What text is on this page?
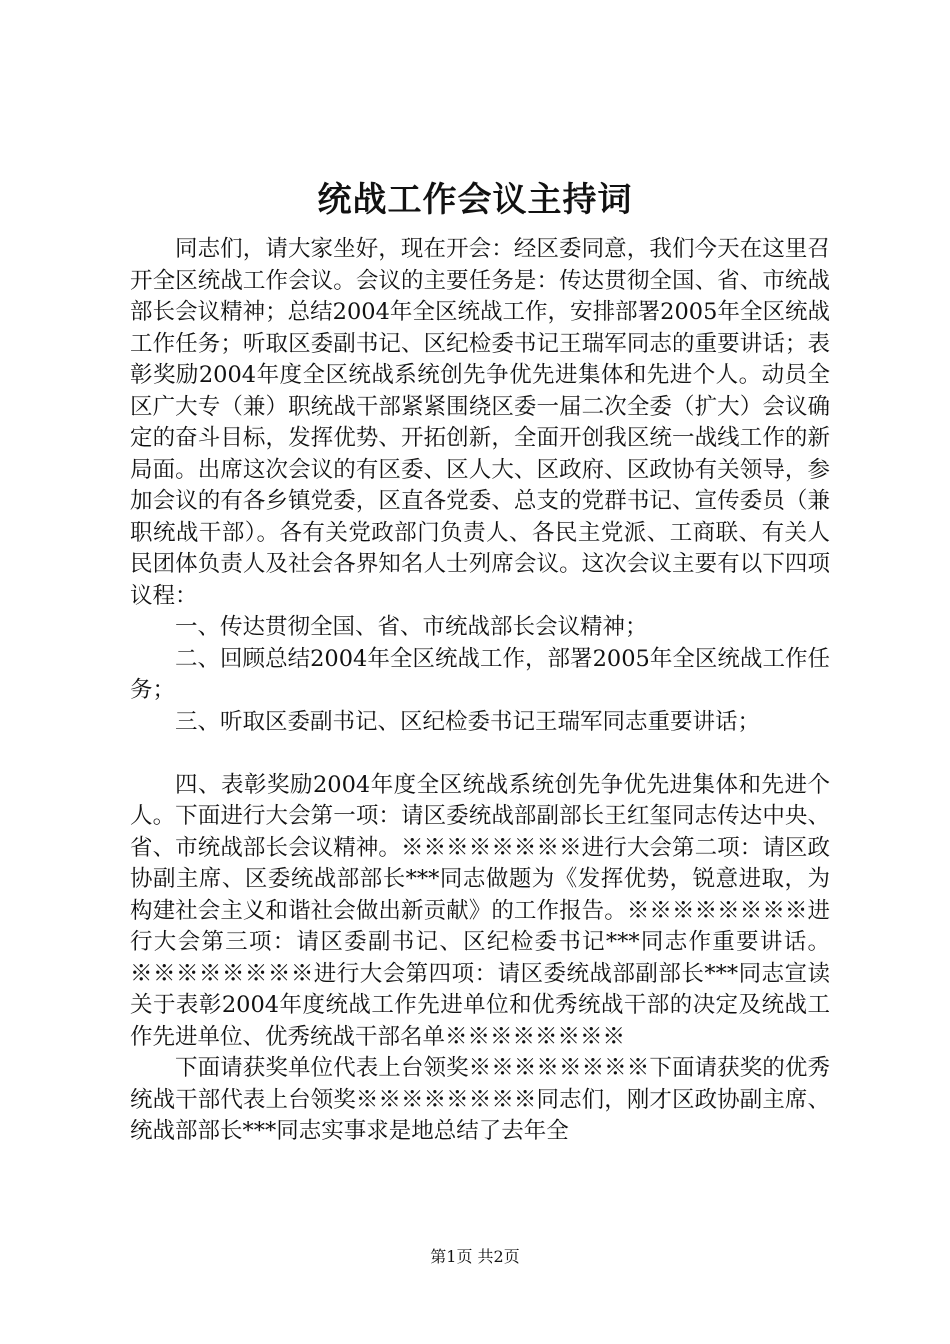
统战工作会议主持词

同志们，请大家坐好，现在开会：经区委同意，我们今天在这里召开全区统战工作会议。会议的主要任务是：传达贯彻全国、省、市统战部长会议精神；总结2004年全区统战工作，安排部署2005年全区统战工作任务；听取区委副书记、区纪检委书记王瑞军同志的重要讲话；表彰奖励2004年度全区统战系统创先争优先进集体和先进个人。动员全区广大专（兼）职统战干部紧紧围绕区委一届二次全委（扩大）会议确定的奋斗目标，发挥优势、开拓创新，全面开创我区统一战线工作的新局面。出席这次会议的有区委、区人大、区政府、区政协有关领导，参加会议的有各乡镇党委，区直各党委、总支的党群书记、宣传委员（兼职统战干部）。各有关党政部门负责人、各民主党派、工商联、有关人民团体负责人及社会各界知名人士列席会议。这次会议主要有以下四项议程：

一、传达贯彻全国、省、市统战部长会议精神；

二、回顾总结2004年全区统战工作，部署2005年全区统战工作任务；

三、听取区委副书记、区纪检委书记王瑞军同志重要讲话；

四、表彰奖励2004年度全区统战系统创先争优先进集体和先进个人。下面进行大会第一项：请区委统战部副部长王红玺同志传达中央、省、市统战部长会议精神。※※※※※※※※进行大会第二项：请区政协副主席、区委统战部部长***同志做题为《发挥优势，锐意进取，为构建社会主义和谐社会做出新贡献》的工作报告。※※※※※※※※进行大会第三项：请区委副书记、区纪检委书记***同志作重要讲话。※※※※※※※※进行大会第四项：请区委统战部副部长***同志宣读关于表彰2004年度统战工作先进单位和优秀统战干部的决定及统战工作先进单位、优秀统战干部名单※※※※※※※※

下面请获奖单位代表上台领奖※※※※※※※※下面请获奖的优秀统战干部代表上台领奖※※※※※※※※同志们，刚才区政协副主席、统战部部长***同志实事求是地总结了去年全

第1页 共2页
